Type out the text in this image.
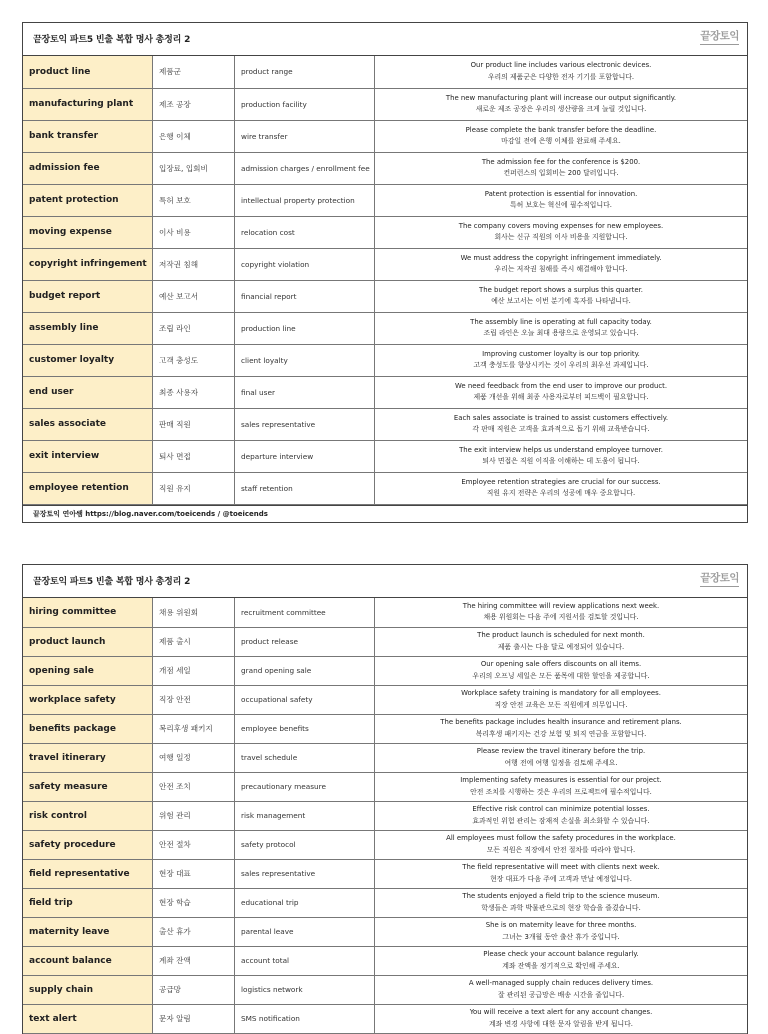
끝장토익 파트5 빈출 복합 명사 총정리 2	끝장토익
product line	제품군	product range	Our product line includes various electronic devices.
우리의 제품군은 다양한 전자 기기를 포함합니다.

manufacturing plant	제조 공장	production facility	The new manufacturing plant will increase our output significantly.
새로운 제조 공장은 우리의 생산량을 크게 늘릴 것입니다.

bank transfer	은행 이체	wire transfer	Please complete the bank transfer before the deadline.
마감일 전에 은행 이체를 완료해 주세요.

admission fee	입장료, 입회비	admission charges / enrollment fee	The admission fee for the conference is $200.
컨퍼런스의 입회비는 200 달러입니다.

patent protection	특허 보호	intellectual property protection	Patent protection is essential for innovation.
특허 보호는 혁신에 필수적입니다.

moving expense	이사 비용	relocation cost	The company covers moving expenses for new employees.
회사는 신규 직원의 이사 비용을 지원합니다.

copyright infringement	저작권 침해	copyright violation	We must address the copyright infringement immediately.
우리는 저작권 침해를 즉시 해결해야 합니다.

budget report	예산 보고서	financial report	The budget report shows a surplus this quarter.
예산 보고서는 이번 분기에 흑자를 나타냅니다.

assembly line	조립 라인	production line	The assembly line is operating at full capacity today.
조립 라인은 오늘 최대 용량으로 운영되고 있습니다.

customer loyalty	고객 충성도	client loyalty	Improving customer loyalty is our top priority.
고객 충성도를 향상시키는 것이 우리의 최우선 과제입니다.

end user	최종 사용자	final user	We need feedback from the end user to improve our product.
제품 개선을 위해 최종 사용자로부터 피드백이 필요합니다.

sales associate	판매 직원	sales representative	Each sales associate is trained to assist customers effectively.
각 판매 직원은 고객을 효과적으로 돕기 위해 교육받습니다.

exit interview	퇴사 면접	departure interview	The exit interview helps us understand employee turnover.
퇴사 면접은 직원 이직을 이해하는 데 도움이 됩니다.

employee retention	직원 유지	staff retention	Employee retention strategies are crucial for our success.
직원 유지 전략은 우리의 성공에 매우 중요합니다.
끝장토익 연아쌤 https://blog.naver.com/toeicends / @toeicends
끝장토익 파트5 빈출 복합 명사 총정리 2	끝장토익
hiring committee	채용 위원회	recruitment committee	The hiring committee will review applications next week.
채용 위원회는 다음 주에 지원서를 검토할 것입니다.

product launch	제품 출시	product release	The product launch is scheduled for next month.
제품 출시는 다음 달로 예정되어 있습니다.

opening sale	개점 세일	grand opening sale	Our opening sale offers discounts on all items.
우리의 오프닝 세일은 모든 품목에 대한 할인을 제공합니다.

workplace safety	직장 안전	occupational safety	Workplace safety training is mandatory for all employees.
직장 안전 교육은 모든 직원에게 의무입니다.

benefits package	복리후생 패키지	employee benefits	The benefits package includes health insurance and retirement plans.
복리후생 패키지는 건강 보험 및 퇴직 연금을 포함합니다.

travel itinerary	여행 일정	travel schedule	Please review the travel itinerary before the trip.
여행 전에 여행 일정을 검토해 주세요.

safety measure	안전 조치	precautionary measure	Implementing safety measures is essential for our project.
안전 조치를 시행하는 것은 우리의 프로젝트에 필수적입니다.

risk control	위험 관리	risk management	Effective risk control can minimize potential losses.
효과적인 위험 관리는 잠재적 손실을 최소화할 수 있습니다.

safety procedure	안전 절차	safety protocol	All employees must follow the safety procedures in the workplace.
모든 직원은 직장에서 안전 절차를 따라야 합니다.

field representative	현장 대표	sales representative	The field representative will meet with clients next week.
현장 대표가 다음 주에 고객과 만날 예정입니다.

field trip	현장 학습	educational trip	The students enjoyed a field trip to the science museum.
학생들은 과학 박물관으로의 현장 학습을 즐겼습니다.

maternity leave	출산 휴가	parental leave	She is on maternity leave for three months.
그녀는 3개월 동안 출산 휴가 중입니다.

account balance	계좌 잔액	account total	Please check your account balance regularly.
계좌 잔액을 정기적으로 확인해 주세요.

supply chain	공급망	logistics network	A well-managed supply chain reduces delivery times.
잘 관리된 공급망은 배송 시간을 줄입니다.

text alert	문자 알림	SMS notification	You will receive a text alert for any account changes.
계좌 변경 사항에 대한 문자 알림을 받게 됩니다.
